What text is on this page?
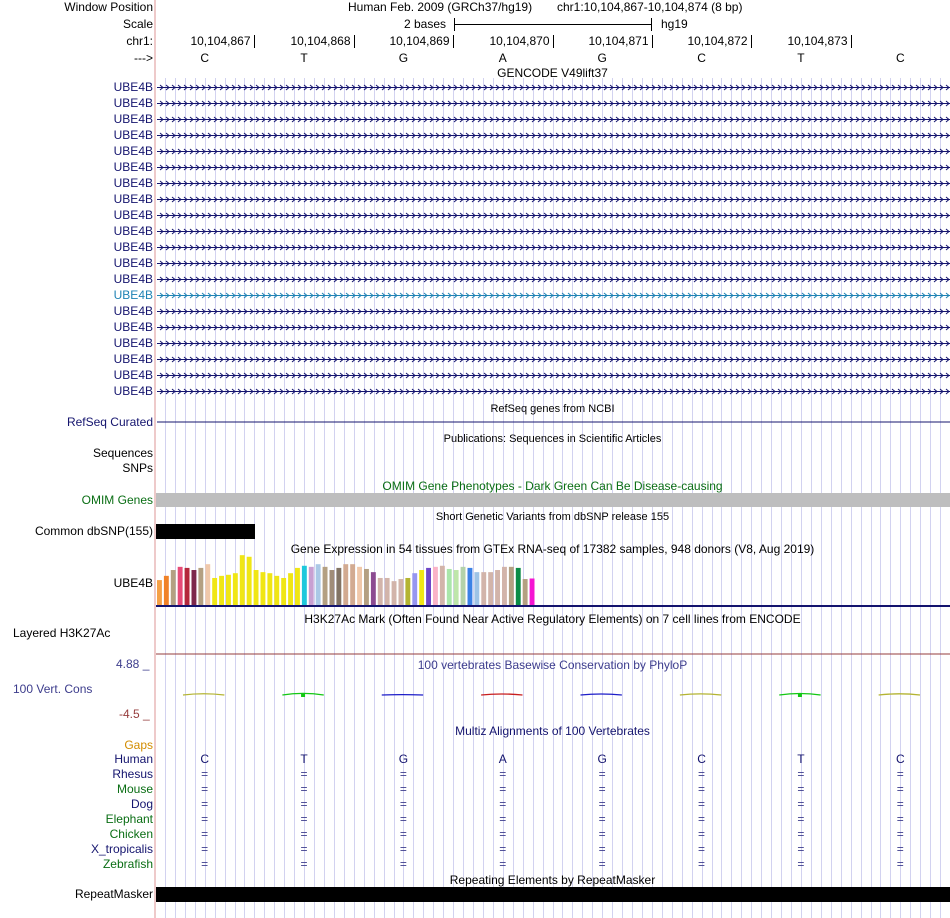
Window Position
Scale
chr1:
--->
Human Feb. 2009 (GRCh37/hg19) chr1:10,104,867-10,104,874 (8 bp)
2 bases	hg19
10,104,867	10,104,868	10,104,869	10,104,870	10,104,871	10,104,872	10,104,873
C	T	G	A	G	C	T	C
GENCODE V49lift37
UBE4B
UBE4B
UBE4B
UBE4B
UBE4B
UBE4B
UBE4B
UBE4B
UBE4B
UBE4B
UBE4B
UBE4B
UBE4B
UBE4B
UBE4B
UBE4B
UBE4B
UBE4B
UBE4B
UBE4B
RefSeq genes from NCBI
RefSeq Curated
Publications: Sequences in Scientific Articles
Sequences
SNPs
OMIM Gene Phenotypes - Dark Green Can Be Disease-causing
OMIM Genes
Short Genetic Variants from dbSNP release 155
Common dbSNP(155)
Gene Expression in 54 tissues from GTEx RNA-seq of 17382 samples, 948 donors (V8, Aug 2019)
UBE4B
H3K27Ac Mark (Often Found Near Active Regulatory Elements) on 7 cell lines from ENCODE
Layered H3K27Ac
4.88 _	100 vertebrates Basewise Conservation by PhyloP
100 Vert. Cons
-4.5 _
Multiz Alignments of 100 Vertebrates
Gaps
Human	C	T	G	A	G	C	T	C
Rhesus	=	=	=	=	=	=	=	=
Mouse	=	=	=	=	=	=	=	=
Dog	=	=	=	=	=	=	=	=
Elephant	=	=	=	=	=	=	=	=
Chicken	=	=	=	=	=	=	=	=
X_tropicalis	=	=	=	=	=	=	=	=
Zebrafish	=	=	=	=	=	=	=	=
Repeating Elements by RepeatMasker
RepeatMasker
